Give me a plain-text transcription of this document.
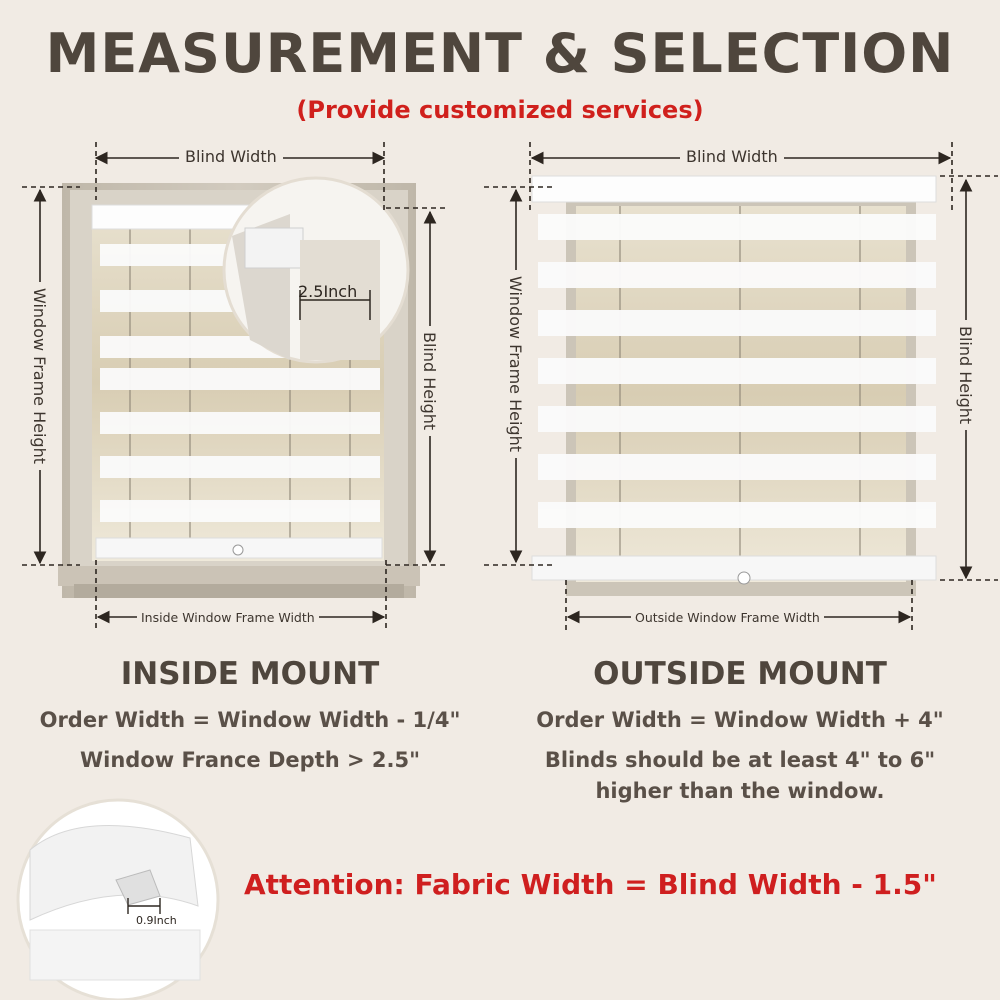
MEASUREMENT & SELECTION
(Provide customized services)
Blind Width
Window Frame Height	Blind Height
Inside Window Frame Width
2.5Inch
Blind Width
Window Frame Height	Blind Height
Outside Window Frame Width
INSIDE MOUNT
Order Width = Window Width - 1/4"
Window France Depth > 2.5"
OUTSIDE MOUNT
Order Width = Window Width + 4"
Blinds should be at least 4" to 6"
higher than the window.
Attention: Fabric Width = Blind Width - 1.5"
0.9Inch
